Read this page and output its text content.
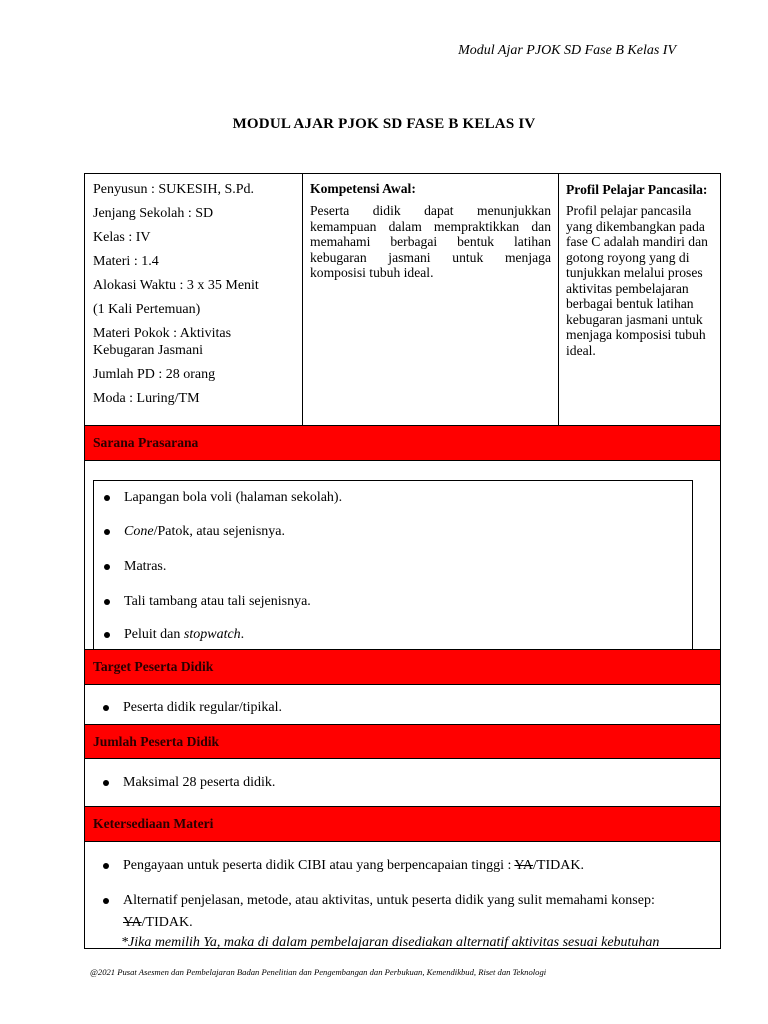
Modul Ajar PJOK SD Fase B Kelas IV
MODUL AJAR PJOK SD FASE B KELAS IV
Penyusun : SUKESIH, S.Pd.
Jenjang Sekolah : SD
Kelas : IV
Materi : 1.4
Alokasi Waktu : 3 x 35 Menit
(1 Kali Pertemuan)
Materi Pokok : Aktivitas Kebugaran Jasmani
Jumlah PD : 28 orang
Moda : Luring/TM
Kompetensi Awal:
Peserta didik dapat menunjukkan kemampuan dalam mempraktikkan dan memahami berbagai bentuk latihan kebugaran jasmani untuk menjaga komposisi tubuh ideal.
Profil Pelajar Pancasila:
Profil pelajar pancasila yang dikembangkan pada fase C adalah mandiri dan gotong royong yang di tunjukkan melalui proses aktivitas pembelajaran berbagai bentuk latihan kebugaran jasmani untuk menjaga komposisi tubuh ideal.
Sarana Prasarana
Lapangan bola voli (halaman sekolah).
Cone/Patok, atau sejenisnya.
Matras.
Tali tambang atau tali sejenisnya.
Peluit dan stopwatch.
Target Peserta Didik
Peserta didik regular/tipikal.
Jumlah Peserta Didik
Maksimal 28 peserta didik.
Ketersediaan Materi
Pengayaan untuk peserta didik CIBI atau yang berpencapaian tinggi : YA/TIDAK.
Alternatif penjelasan, metode, atau aktivitas, untuk peserta didik yang sulit memahami konsep: YA/TIDAK.
*Jika memilih Ya, maka di dalam pembelajaran disediakan alternatif aktivitas sesuai kebutuhan
@2021 Pusat Asesmen dan Pembelajaran Badan Penelitian dan Pengembangan dan Perbukuan, Kemendikbud, Riset dan Teknologi
